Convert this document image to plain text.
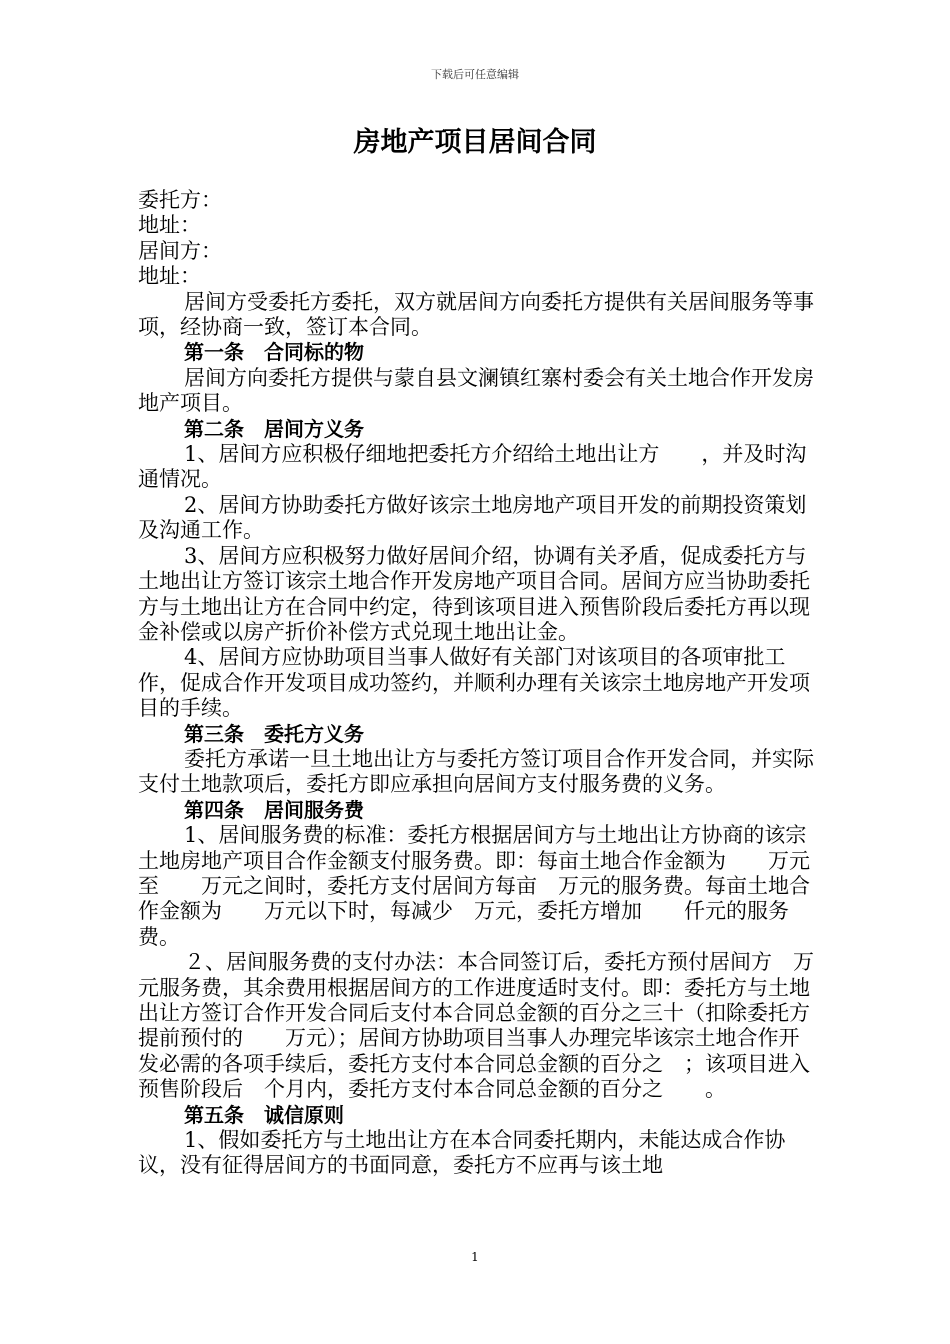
下载后可任意编辑
房地产项目居间合同

委托方：

地址：

居间方：

地址：

居间方受委托方委托，双方就居间方向委托方提供有关居间服务等事项，经协商一致，签订本合同。

第一条　合同标的物

居间方向委托方提供与蒙自县文澜镇红寨村委会有关土地合作开发房地产项目。

第二条　居间方义务

1、居间方应积极仔细地把委托方介绍给土地出让方　　，并及时沟通情况。

2、居间方协助委托方做好该宗土地房地产项目开发的前期投资策划及沟通工作。

3、居间方应积极努力做好居间介绍，协调有关矛盾，促成委托方与土地出让方签订该宗土地合作开发房地产项目合同。居间方应当协助委托方与土地出让方在合同中约定，待到该项目进入预售阶段后委托方再以现金补偿或以房产折价补偿方式兑现土地出让金。

4、居间方应协助项目当事人做好有关部门对该项目的各项审批工作，促成合作开发项目成功签约，并顺利办理有关该宗土地房地产开发项目的手续。

第三条　委托方义务

委托方承诺一旦土地出让方与委托方签订项目合作开发合同，并实际支付土地款项后，委托方即应承担向居间方支付服务费的义务。

第四条　居间服务费

1、居间服务费的标准：委托方根据居间方与土地出让方协商的该宗土地房地产项目合作金额支付服务费。即：每亩土地合作金额为　　万元至　　万元之间时，委托方支付居间方每亩　万元的服务费。每亩土地合作金额为　　万元以下时，每减少　万元，委托方增加　　仟元的服务费。

２、居间服务费的支付办法：本合同签订后，委托方预付居间方　万元服务费，其余费用根据居间方的工作进度适时支付。即：委托方与土地出让方签订合作开发合同后支付本合同总金额的百分之三十（扣除委托方提前预付的　　万元）；居间方协助项目当事人办理完毕该宗土地合作开发必需的各项手续后，委托方支付本合同总金额的百分之　；该项目进入预售阶段后　个月内，委托方支付本合同总金额的百分之　　。

第五条　诚信原则

1、假如委托方与土地出让方在本合同委托期内，未能达成合作协议，没有征得居间方的书面同意，委托方不应再与该土地

1
